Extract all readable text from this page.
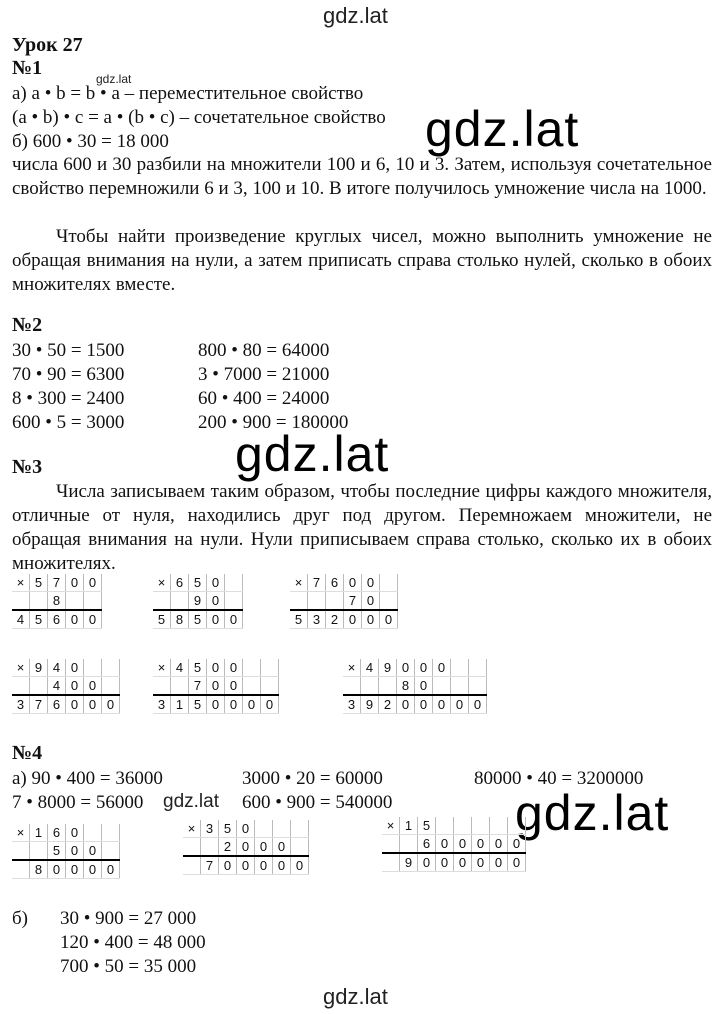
gdz.lat
gdz.lat
gdz.lat
gdz.lat
gdz.lat
gdz.lat
Урок 27
№1
а) a • b = b • a – переместительное свойство
(a • b) • c = a • (b • c) – сочетательное свойство
б) 600 • 30 = 18 000
числа 600 и 30 разбили на множители 100 и 6, 10 и 3. Затем, используя сочетательное свойство перемножили 6 и 3, 100 и 10. В итоге получилось умножение числа на 1000.
Чтобы найти произведение круглых чисел, можно выполнить умножение не обращая внимания на нули, а затем приписать справа столько нулей, сколько в обоих множителях вместе.
№2
30 • 50 = 1500
70 • 90 = 6300
8 • 300 = 2400
600 • 5 = 3000
800 • 80 = 64000
3 • 7000 = 21000
60 • 400 = 24000
200 • 900 = 180000
№3
Числа записываем таким образом, чтобы последние цифры каждого множителя, отличные от нуля, находились друг под другом. Перемножаем множители, не обращая внимания на нули. Нули приписываем справа столько, сколько их в обоих множителях.
×	5	7	0	0
		8		
4	5	6	0	0
×	6	5	0	
		9	0	
5	8	5	0	0
×	7	6	0	0	
			7	0	
5	3	2	0	0	0
×	9	4	0		
		4	0	0	
3	7	6	0	0	0
×	4	5	0	0		
		7	0	0		
3	1	5	0	0	0	0
×	4	9	0	0	0		
			8	0			
3	9	2	0	0	0	0	0
×	1	6	0		
		5	0	0	
	8	0	0	0	0
×	3	5	0			
		2	0	0	0	
	7	0	0	0	0	0
×	1	5					
		6	0	0	0	0	0
	9	0	0	0	0	0	0
№4
а) 90 • 400 = 36000	3000 • 20 = 60000	80000 • 40 = 3200000
7 • 8000 = 56000 gdz.lat 600 • 900 = 540000
б) 30 • 900 = 27 000
120 • 400 = 48 000
700 • 50 = 35 000
